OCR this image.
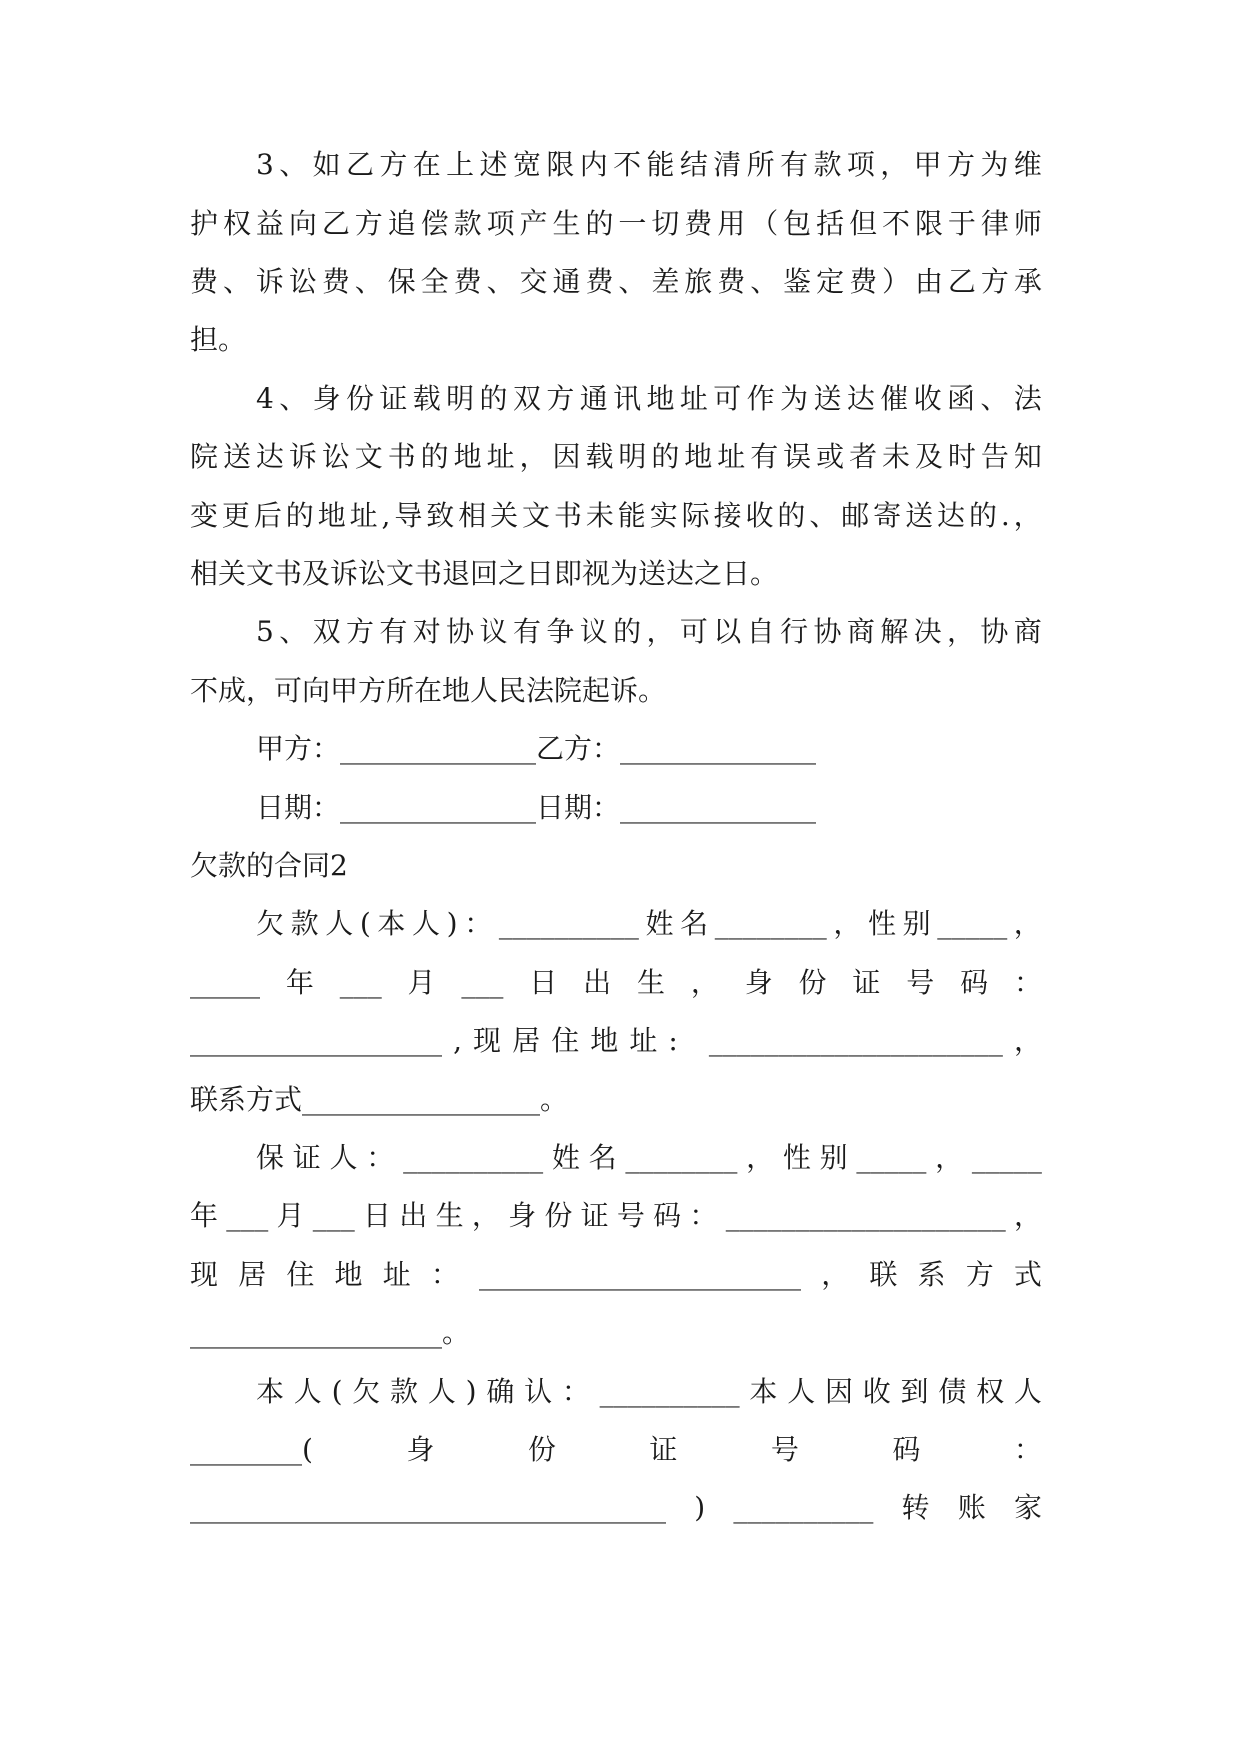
3 、 如 乙 方 在 上 述 宽 限 内 不 能 结 清 所 有 款 项 ， 甲 方 为 维
护 权 益 向 乙 方 追 偿 款 项 产 生 的 一 切 费 用 （ 包 括 但 不 限 于 律 师
费 、 诉 讼 费 、 保 全 费 、 交 通 费 、 差 旅 费 、 鉴 定 费 ） 由 乙 方 承
担。
4 、 身 份 证 载 明 的 双 方 通 讯 地 址 可 作 为 送 达 催 收 函 、 法
院 送 达 诉 讼 文 书 的 地 址 ， 因 载 明 的 地 址 有 误 或 者 未 及 时 告 知
变 更 后 的 地 址 , 导 致 相 关 文 书 未 能 实 际 接 收 的 、 邮 寄 送 达 的 . ，
相关文书及诉讼文书退回之日即视为送达之日。
5 、 双 方 有 对 协 议 有 争 议 的 ， 可 以 自 行 协 商 解 决 ， 协 商
不成，可向甲方所在地人民法院起诉。
甲方：______________乙方：______________
日期：______________日期：______________
欠款的合同2
欠 款 人 ( 本 人 ) ： __________ 姓 名 ________ ， 性 别 _____ ，
_____ 年 ___ 月 ___ 日 出 生 ， 身 份 证 号 码 ：
__________________ , 现 居 住 地 址 :
_____________________ ，
联系方式_________________。
保 证 人 ： __________ 姓 名 ________ ， 性 别 _____ ， _____
年 ___ 月 ___ 日 出 生 ， 身 份 证 号 码 ： ____________________ ，
现 居 住 地 址 ： _______________________ ， 联 系 方 式
__________________。
本 人 ( 欠 款 人 ) 确 认 ： __________ 本 人 因 收 到 债 权 人
________(	身	份	证	号	码	：
__________________________________ ) __________ 转 账 家
